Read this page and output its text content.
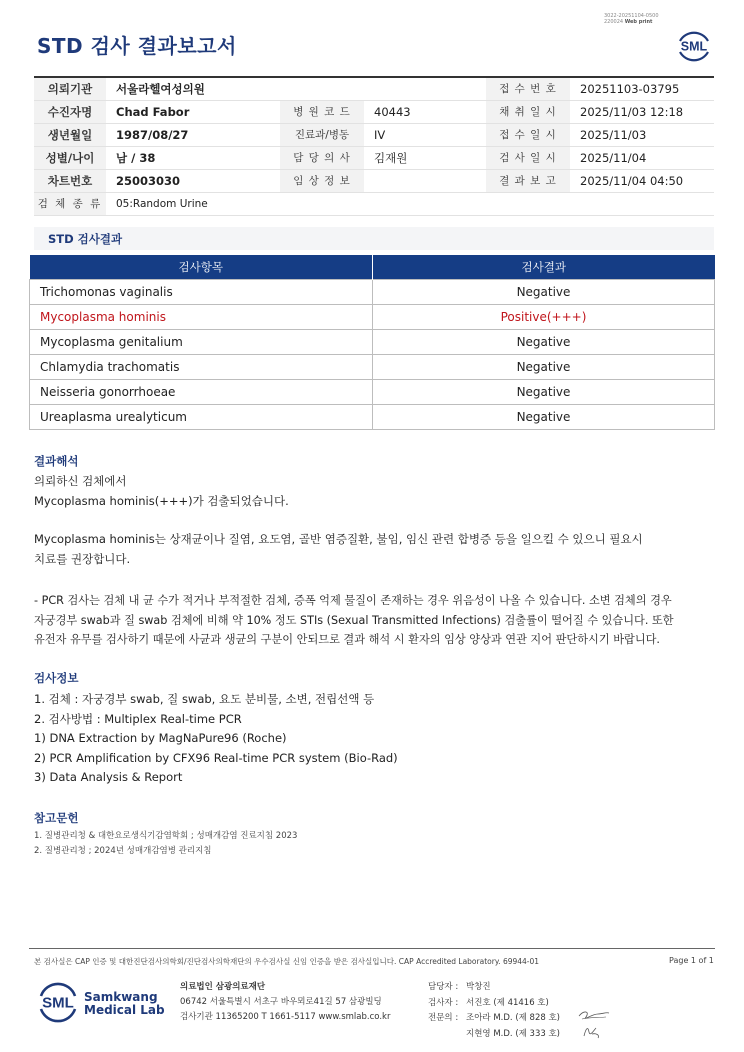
3022-20251104-0500
220024 Web print
STD 검사 결과보고서	SML
의뢰기관	서울라헬여성의원			접 수 번 호	20251103-03795
수진자명	Chad Fabor	병 원 코 드	40443	채 취 일 시	2025/11/03 12:18
생년월일	1987/08/27	진료과/병동	IV	접 수 일 시	2025/11/03
성별/나이	남 / 38	담 당 의 사	김재원	검 사 일 시	2025/11/04
차트번호	25003030	임 상 정 보		결 과 보 고	2025/11/04 04:50
검 체 종 류	05:Random Urine				
STD 검사결과
검사항목	검사결과
Trichomonas vaginalis	Negative
Mycoplasma hominis	Positive(+++)
Mycoplasma genitalium	Negative
Chlamydia trachomatis	Negative
Neisseria gonorrhoeae	Negative
Ureaplasma urealyticum	Negative
결과해석
의뢰하신 검체에서
Mycoplasma hominis(+++)가 검출되었습니다.
Mycoplasma hominis는 상재균이나 질염, 요도염, 골반 염증질환, 불임, 임신 관련 합병증 등을 일으킬 수 있으니 필요시
치료를 권장합니다.
- PCR 검사는 검체 내 균 수가 적거나 부적절한 검체, 증폭 억제 물질이 존재하는 경우 위음성이 나올 수 있습니다. 소변 검체의 경우
자궁경부 swab과 질 swab 검체에 비해 약 10% 정도 STIs (Sexual Transmitted Infections) 검출률이 떨어질 수 있습니다. 또한
유전자 유무를 검사하기 때문에 사균과 생균의 구분이 안되므로 결과 해석 시 환자의 임상 양상과 연관 지어 판단하시기 바랍니다.
검사정보
1. 검체 : 자궁경부 swab, 질 swab, 요도 분비물, 소변, 전립선액 등
2. 검사방법 : Multiplex Real-time PCR
1) DNA Extraction by MagNaPure96 (Roche)
2) PCR Amplification by CFX96 Real-time PCR system (Bio-Rad)
3) Data Analysis & Report
참고문헌
1. 질병관리청 & 대한요로생식기감염학회 ; 성매개감염 진료지침 2023
2. 질병관리청 ; 2024년 성매개감염병 관리지침
본 검사실은 CAP 인증 및 대한진단검사의학회/진단검사의학재단의 우수검사실 신임 인증을 받은 검사실입니다. CAP Accredited Laboratory. 69944-01	Page 1 of 1
SML Samkwang
Medical Lab
의료법인 삼광의료재단
06742 서울특별시 서초구 바우뫼로41길 57 삼광빌딩
검사기관 11365200 T 1661-5117 www.smlab.co.kr
담당자 : 박창진
검사자 : 서진호 (제 41416 호)
전문의 : 조아라 M.D. (제 828 호)
지현영 M.D. (제 333 호)
